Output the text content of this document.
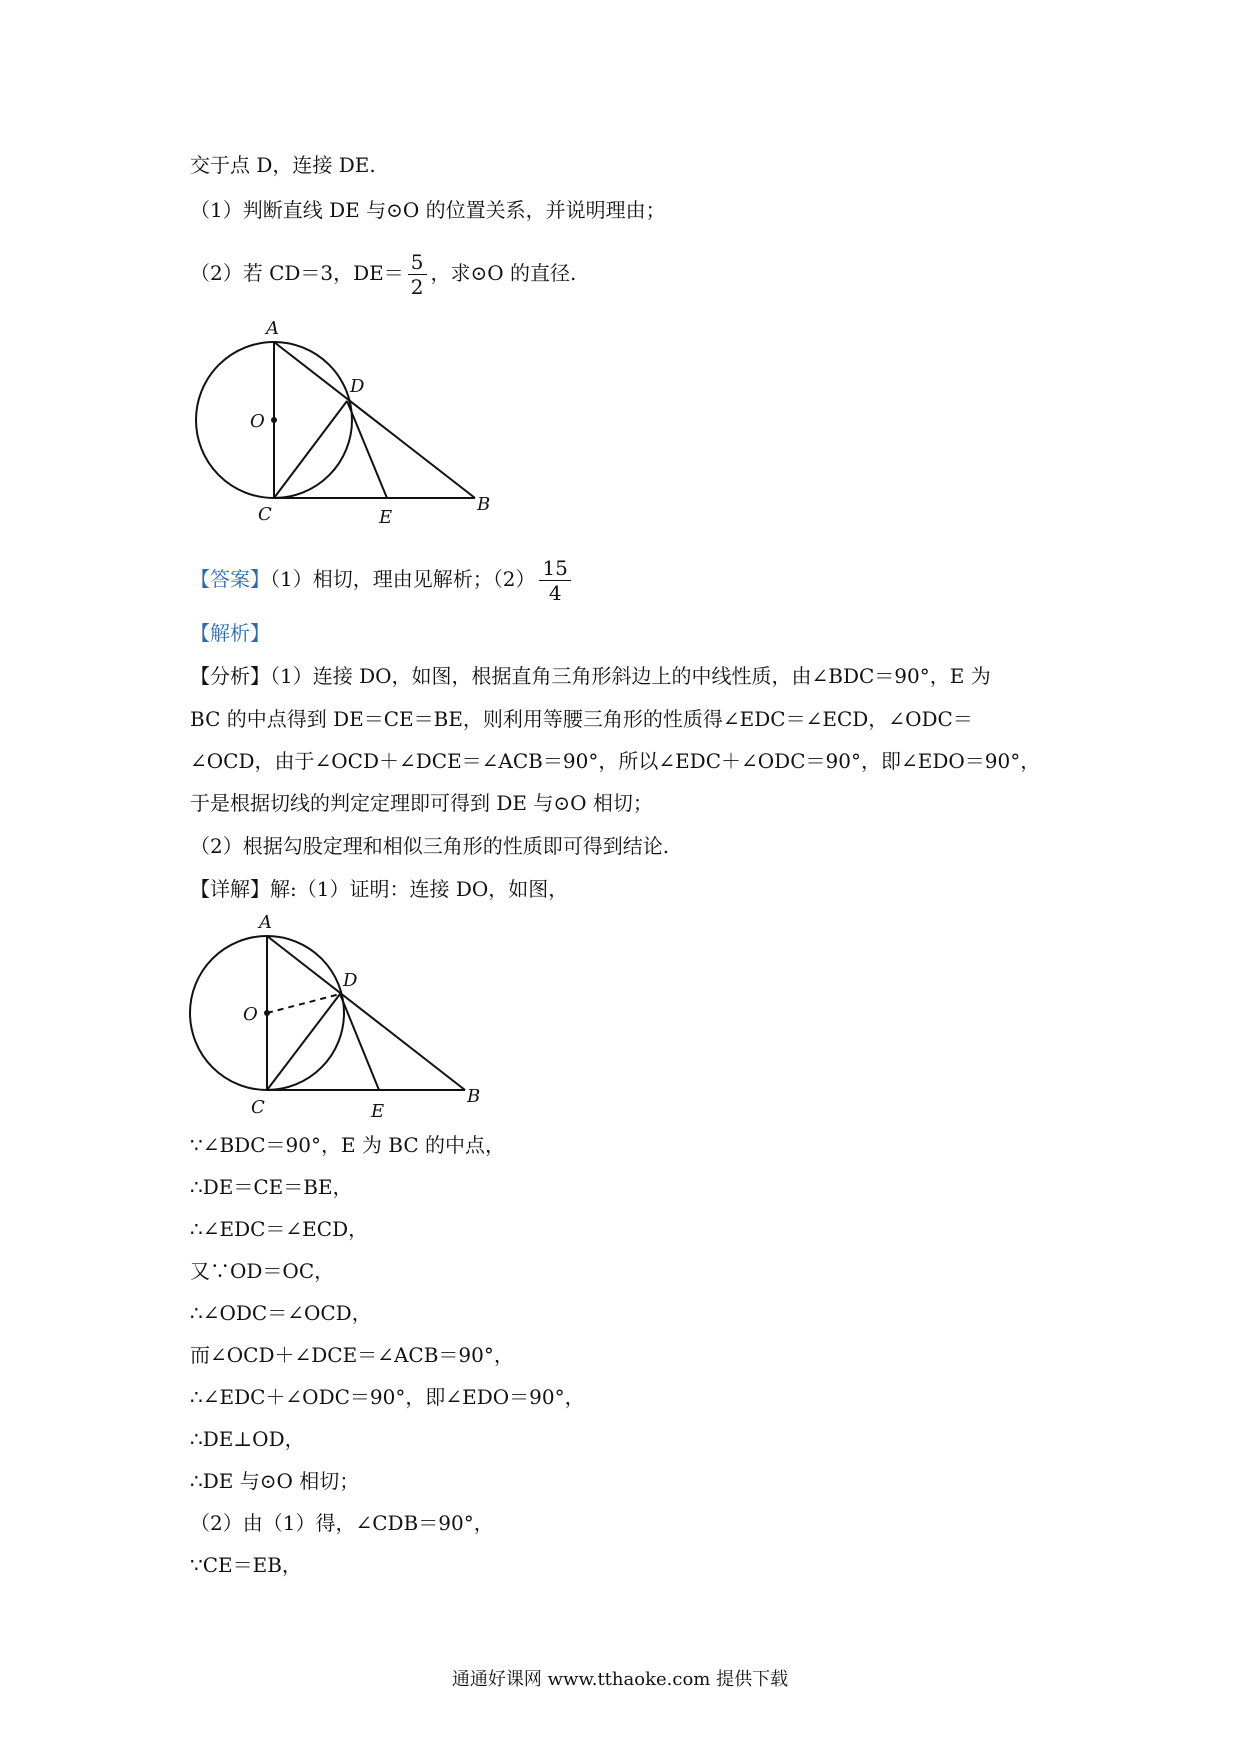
交于点 D，连接 DE.
（1）判断直线 DE 与⊙O 的位置关系，并说明理由；
（2）若 CD＝3，$DE= \frac{5}{2}$ ，求⊙O 的直径.
A
D
O
C	E
B
【答案】（1）相切，理由见解析；$(2) \frac{15}{4}$
【解析】
【分析】（1）连接 DO，如图，根据直角三角形斜边上的中线性质，由∠BDC＝90°，E 为
BC 的中点得到 DE＝CE＝BE，则利用等腰三角形的性质得∠EDC＝∠ECD，∠ODC＝
∠OCD，由于∠OCD＋∠DCE＝∠ACB＝90°，所以∠EDC＋∠ODC＝90°，即∠EDO＝90°，
于是根据切线的判定定理即可得到 DE 与⊙O 相切；
（2）根据勾股定理和相似三角形的性质即可得到结论.
【详解】解:（1）证明：连接 DO，如图，
A
D
O
C	E
B
∵∠BDC＝90°，E 为 BC 的中点，
∴DE＝CE＝BE，
∴∠EDC＝∠ECD，
又∵OD＝OC，
∴∠ODC＝∠OCD，
而∠OCD＋∠DCE＝∠ACB＝90°，
∴∠EDC＋∠ODC＝90°，即∠EDO＝90°，
∴DE⊥OD，
∴DE 与⊙O 相切；
（2）由（1）得，∠CDB＝90°，
∵CE＝EB，
通通好课网 www.tthaoke.com 提供下载
